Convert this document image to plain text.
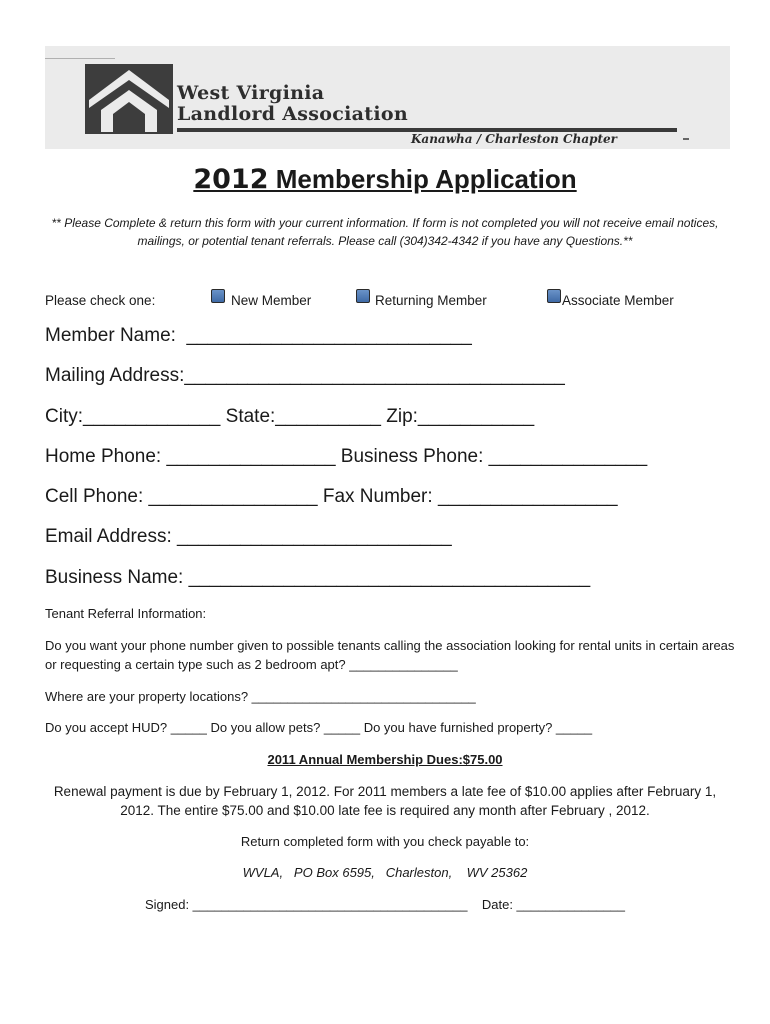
West Virginia
Landlord Association
Kanawha / Charleston Chapter
2012 Membership Application
** Please Complete & return this form with your current information. If form is not completed you will not receive email notices, mailings, or potential tenant referrals. Please call (304)342-4342 if you have any Questions.**
Please check one:	New Member	Returning Member	Associate Member
Member Name:  ___________________________
Mailing Address:____________________________________
City:_____________ State:__________ Zip:___________
Home Phone: ________________ Business Phone: _______________
Cell Phone: ________________ Fax Number: _________________
Email Address: __________________________
Business Name: ______________________________________
Tenant Referral Information:
Do you want your phone number given to possible tenants calling the association looking for rental units in certain areas or requesting a certain type such as 2 bedroom apt? _______________
Where are your property locations? _______________________________
Do you accept HUD? _____ Do you allow pets? _____ Do you have furnished property? _____
2011 Annual Membership Dues:$75.00
Renewal payment is due by February 1, 2012. For 2011 members a late fee of $10.00 applies after February 1, 2012. The entire $75.00 and $10.00 late fee is required any month after February , 2012.
Return completed form with you check payable to:
WVLA,   PO Box 6595,   Charleston,    WV 25362
Signed: ______________________________________    Date: _______________
